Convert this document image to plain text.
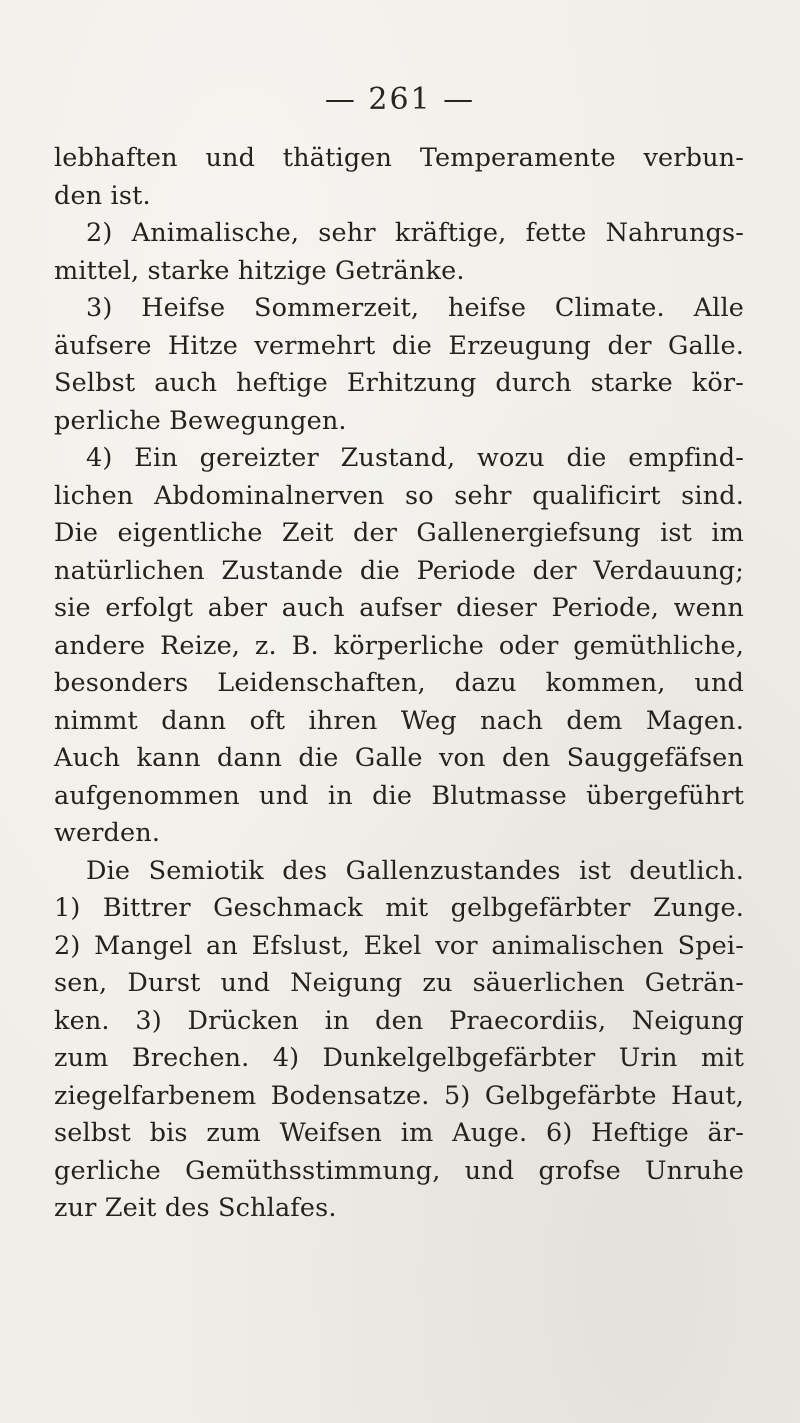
— 261 —
lebhaften und thätigen Temperamente verbun-
den ist.
2) Animalische, sehr kräftige, fette Nahrungs-
mittel, starke hitzige Getränke.
3) Heifse Sommerzeit, heifse Climate. Alle
äufsere Hitze vermehrt die Erzeugung der Galle.
Selbst auch heftige Erhitzung durch starke kör-
perliche Bewegungen.
4) Ein gereizter Zustand, wozu die empfind-
lichen Abdominalnerven so sehr qualificirt sind.
Die eigentliche Zeit der Gallenergiefsung ist im
natürlichen Zustande die Periode der Verdauung;
sie erfolgt aber auch aufser dieser Periode, wenn
andere Reize, z. B. körperliche oder gemüthliche,
besonders Leidenschaften, dazu kommen, und
nimmt dann oft ihren Weg nach dem Magen.
Auch kann dann die Galle von den Sauggefäfsen
aufgenommen und in die Blutmasse übergeführt
werden.
Die Semiotik des Gallenzustandes ist deutlich.
1) Bittrer Geschmack mit gelbgefärbter Zunge.
2) Mangel an Efslust, Ekel vor animalischen Spei-
sen, Durst und Neigung zu säuerlichen Geträn-
ken. 3) Drücken in den Praecordiis, Neigung
zum Brechen. 4) Dunkelgelbgefärbter Urin mit
ziegelfarbenem Bodensatze. 5) Gelbgefärbte Haut,
selbst bis zum Weifsen im Auge. 6) Heftige är-
gerliche Gemüthsstimmung, und grofse Unruhe
zur Zeit des Schlafes.
